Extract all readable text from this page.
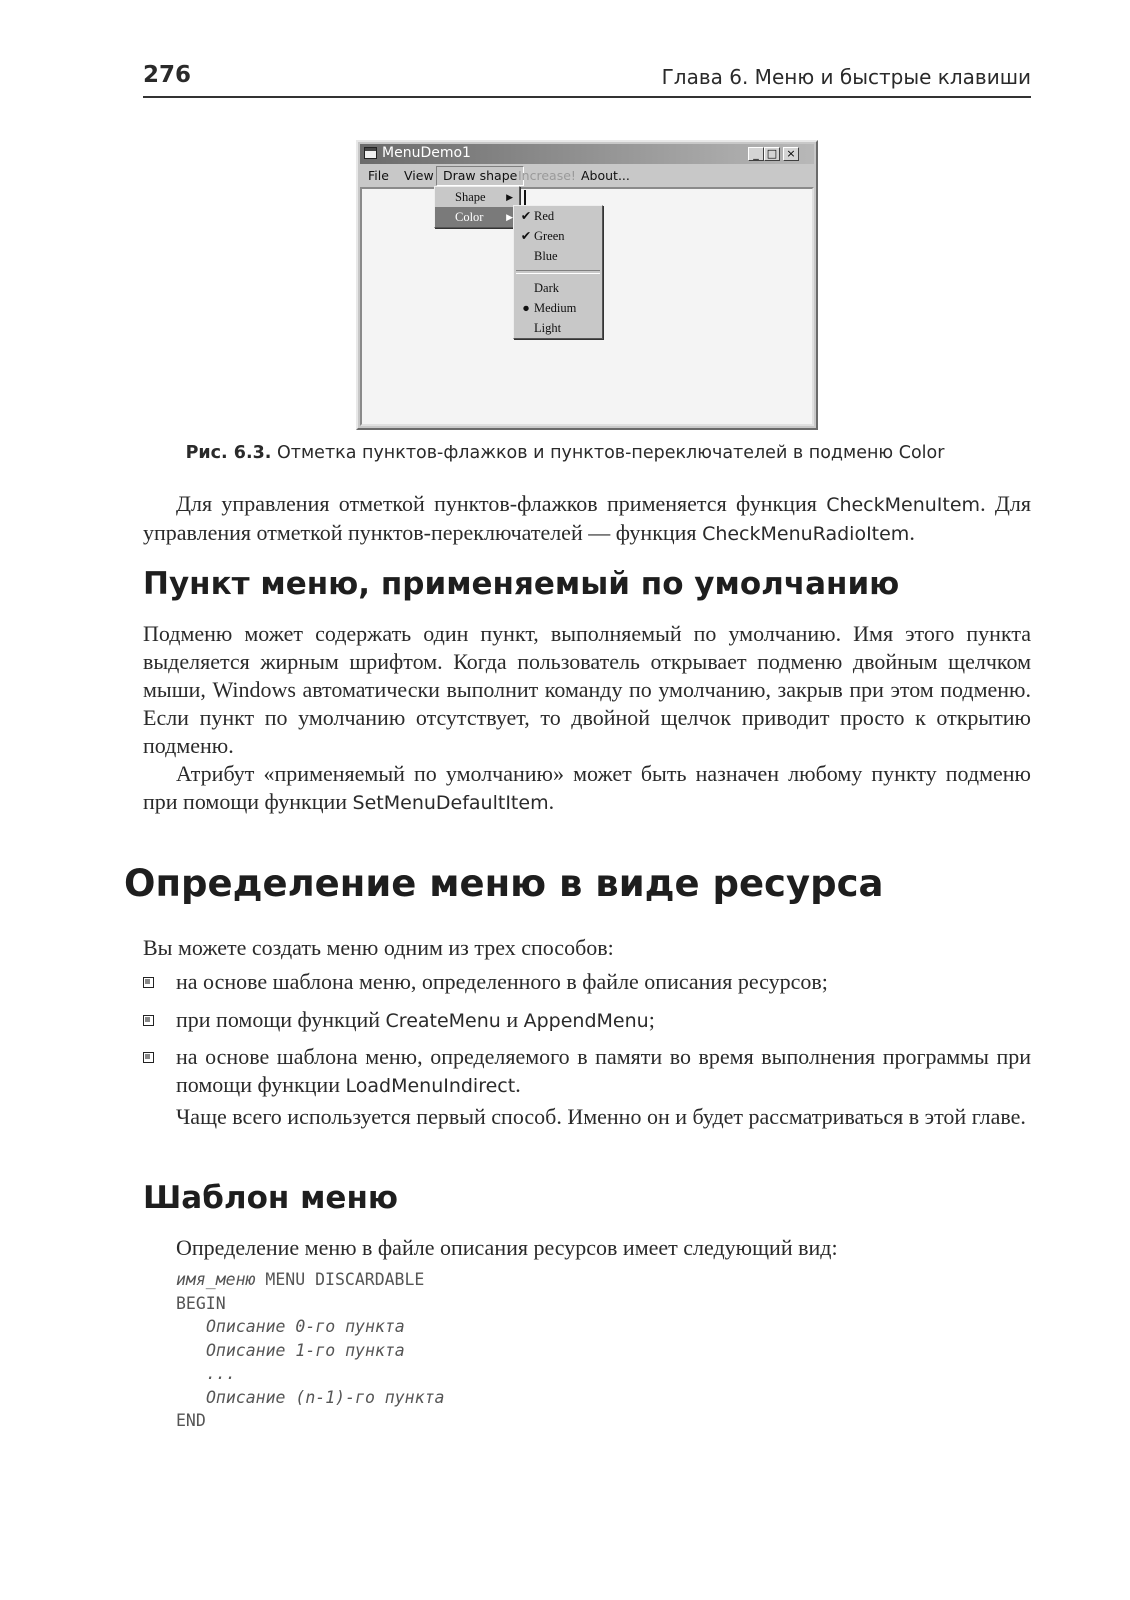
276	Глава 6. Меню и быстрые клавиши
MenuDemo1	_ □ ×
File	View Draw shape Increase! About...
Shape ▶
Color	▶ ✔ Red
✔ Green
Blue
Dark
● Medium
Light
Рис. 6.3. Отметка пунктов-флажков и пунктов-переключателей в подменю Color
Для управления отметкой пунктов-флажков применяется функция CheckMenuItem. Для управления отметкой пунктов-переключателей — функция CheckMenuRadioItem.
Пункт меню, применяемый по умолчанию
Подменю может содержать один пункт, выполняемый по умолчанию. Имя этого пункта выделяется жирным шрифтом. Когда пользователь открывает подменю двойным щелчком мыши, Windows автоматически выполнит команду по умолчанию, закрыв при этом подменю. Если пункт по умолчанию отсутствует, то двойной щелчок приводит просто к открытию подменю.
Атрибут «применяемый по умолчанию» может быть назначен любому пункту подменю при помощи функции SetMenuDefaultItem.
Определение меню в виде ресурса
Вы можете создать меню одним из трех способов:
на основе шаблона меню, определенного в файле описания ресурсов;
при помощи функций CreateMenu и AppendMenu;
на основе шаблона меню, определяемого в памяти во время выполнения программы при помощи функции LoadMenuIndirect.
Чаще всего используется первый способ. Именно он и будет рассматриваться в этой главе.
Шаблон меню
Определение меню в файле описания ресурсов имеет следующий вид:
имя_меню MENU DISCARDABLE
BEGIN
Описание 0-го пункта
Описание 1-го пункта
...
Описание (n-1)-го пункта
END
